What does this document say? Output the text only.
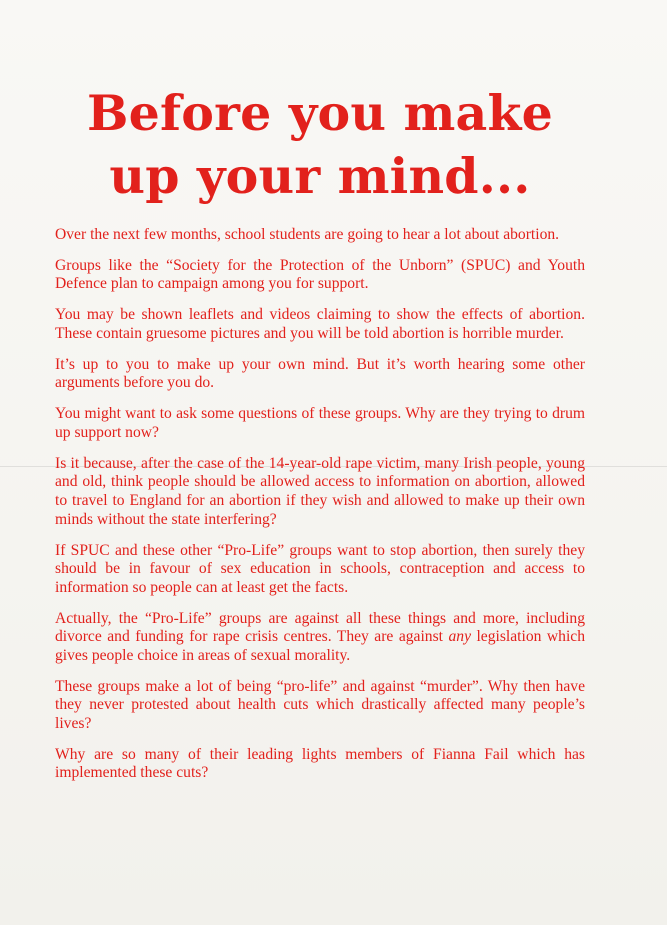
Before you make
up your mind...

Over the next few months, school students are going to hear a lot about abortion.

Groups like the “Society for the Protection of the Unborn” (SPUC) and Youth Defence plan to campaign among you for support.

You may be shown leaflets and videos claiming to show the effects of abortion. These contain gruesome pictures and you will be told abortion is horrible murder.

It’s up to you to make up your own mind. But it’s worth hearing some other arguments before you do.

You might want to ask some questions of these groups. Why are they trying to drum up support now?

Is it because, after the case of the 14-year-old rape victim, many Irish people, young and old, think people should be allowed access to information on abortion, allowed to travel to England for an abortion if they wish and allowed to make up their own minds without the state interfering?

If SPUC and these other “Pro-Life” groups want to stop abortion, then surely they should be in favour of sex education in schools, contraception and access to information so people can at least get the facts.

Actually, the “Pro-Life” groups are against all these things and more, including divorce and funding for rape crisis centres. They are against any legislation which gives people choice in areas of sexual morality.

These groups make a lot of being “pro-life” and against “murder”. Why then have they never protested about health cuts which drastically affected many people’s lives?

Why are so many of their leading lights members of Fianna Fail which has implemented these cuts?
